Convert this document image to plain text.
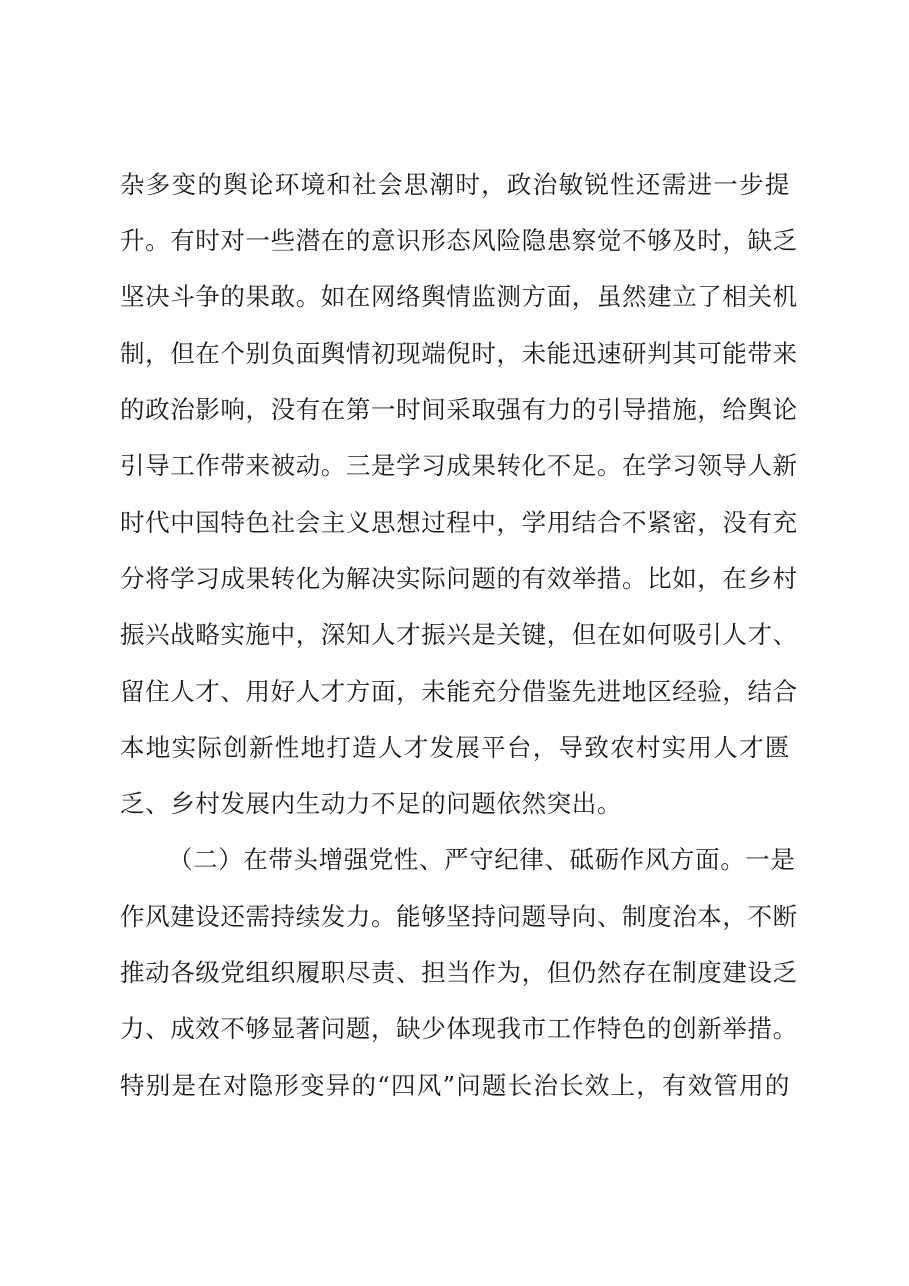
杂多变的舆论环境和社会思潮时，政治敏锐性还需进一步提
升。有时对一些潜在的意识形态风险隐患察觉不够及时，缺乏
坚决斗争的果敢。如在网络舆情监测方面，虽然建立了相关机
制，但在个别负面舆情初现端倪时，未能迅速研判其可能带来
的政治影响，没有在第一时间采取强有力的引导措施，给舆论
引导工作带来被动。三是学习成果转化不足。在学习领导人新
时代中国特色社会主义思想过程中，学用结合不紧密，没有充
分将学习成果转化为解决实际问题的有效举措。比如，在乡村
振兴战略实施中，深知人才振兴是关键，但在如何吸引人才、
留住人才、用好人才方面，未能充分借鉴先进地区经验，结合
本地实际创新性地打造人才发展平台，导致农村实用人才匮
乏、乡村发展内生动力不足的问题依然突出。
（二）在带头增强党性、严守纪律、砥砺作风方面。一是
作风建设还需持续发力。能够坚持问题导向、制度治本，不断
推动各级党组织履职尽责、担当作为，但仍然存在制度建设乏
力、成效不够显著问题，缺少体现我市工作特色的创新举措。
特别是在对隐形变异的“四风”问题长治长效上，有效管用的
